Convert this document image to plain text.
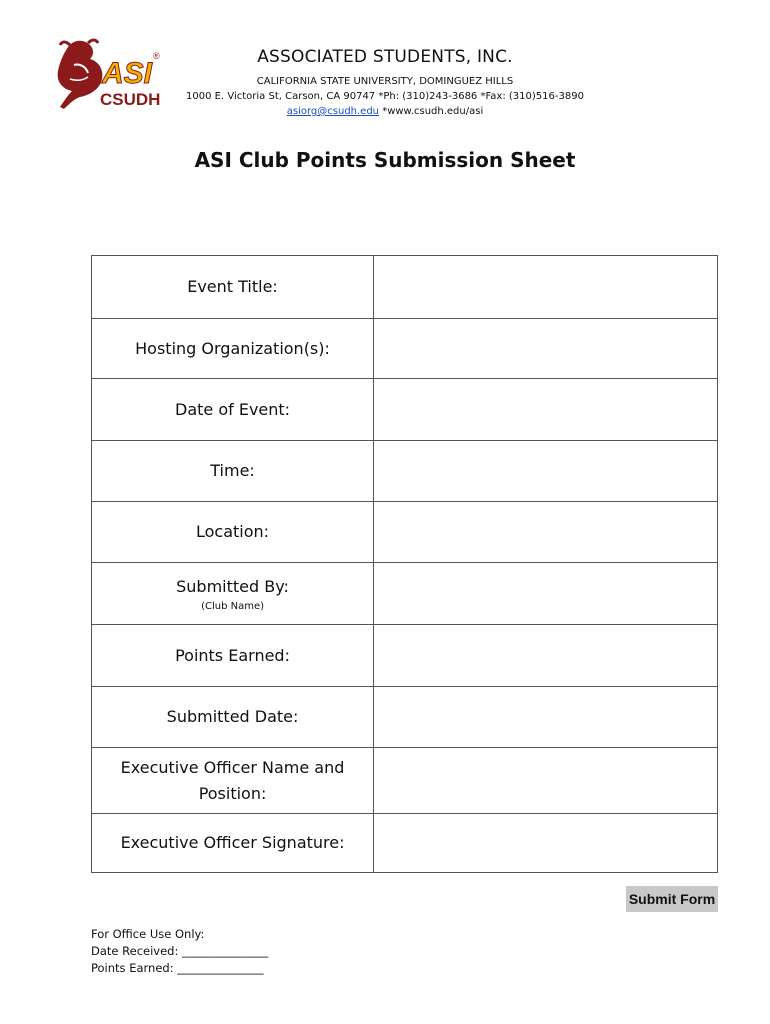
ASI
®
CSUDH
ASSOCIATED STUDENTS, INC.
CALIFORNIA STATE UNIVERSITY, DOMINGUEZ HILLS
1000 E. Victoria St, Carson, CA 90747 *Ph: (310)243-3686 *Fax: (310)516-3890
asiorg@csudh.edu *www.csudh.edu/asi
ASI Club Points Submission Sheet
Event Title:	
Hosting Organization(s):	
Date of Event:	
Time:	
Location:	
Submitted By:
(Club Name)	

Points Earned:	
Submitted Date:	
Executive Officer Name and Position:	
Executive Officer Signature:	
Submit Form
For Office Use Only:
Date Received: _______________
Points Earned: _______________
